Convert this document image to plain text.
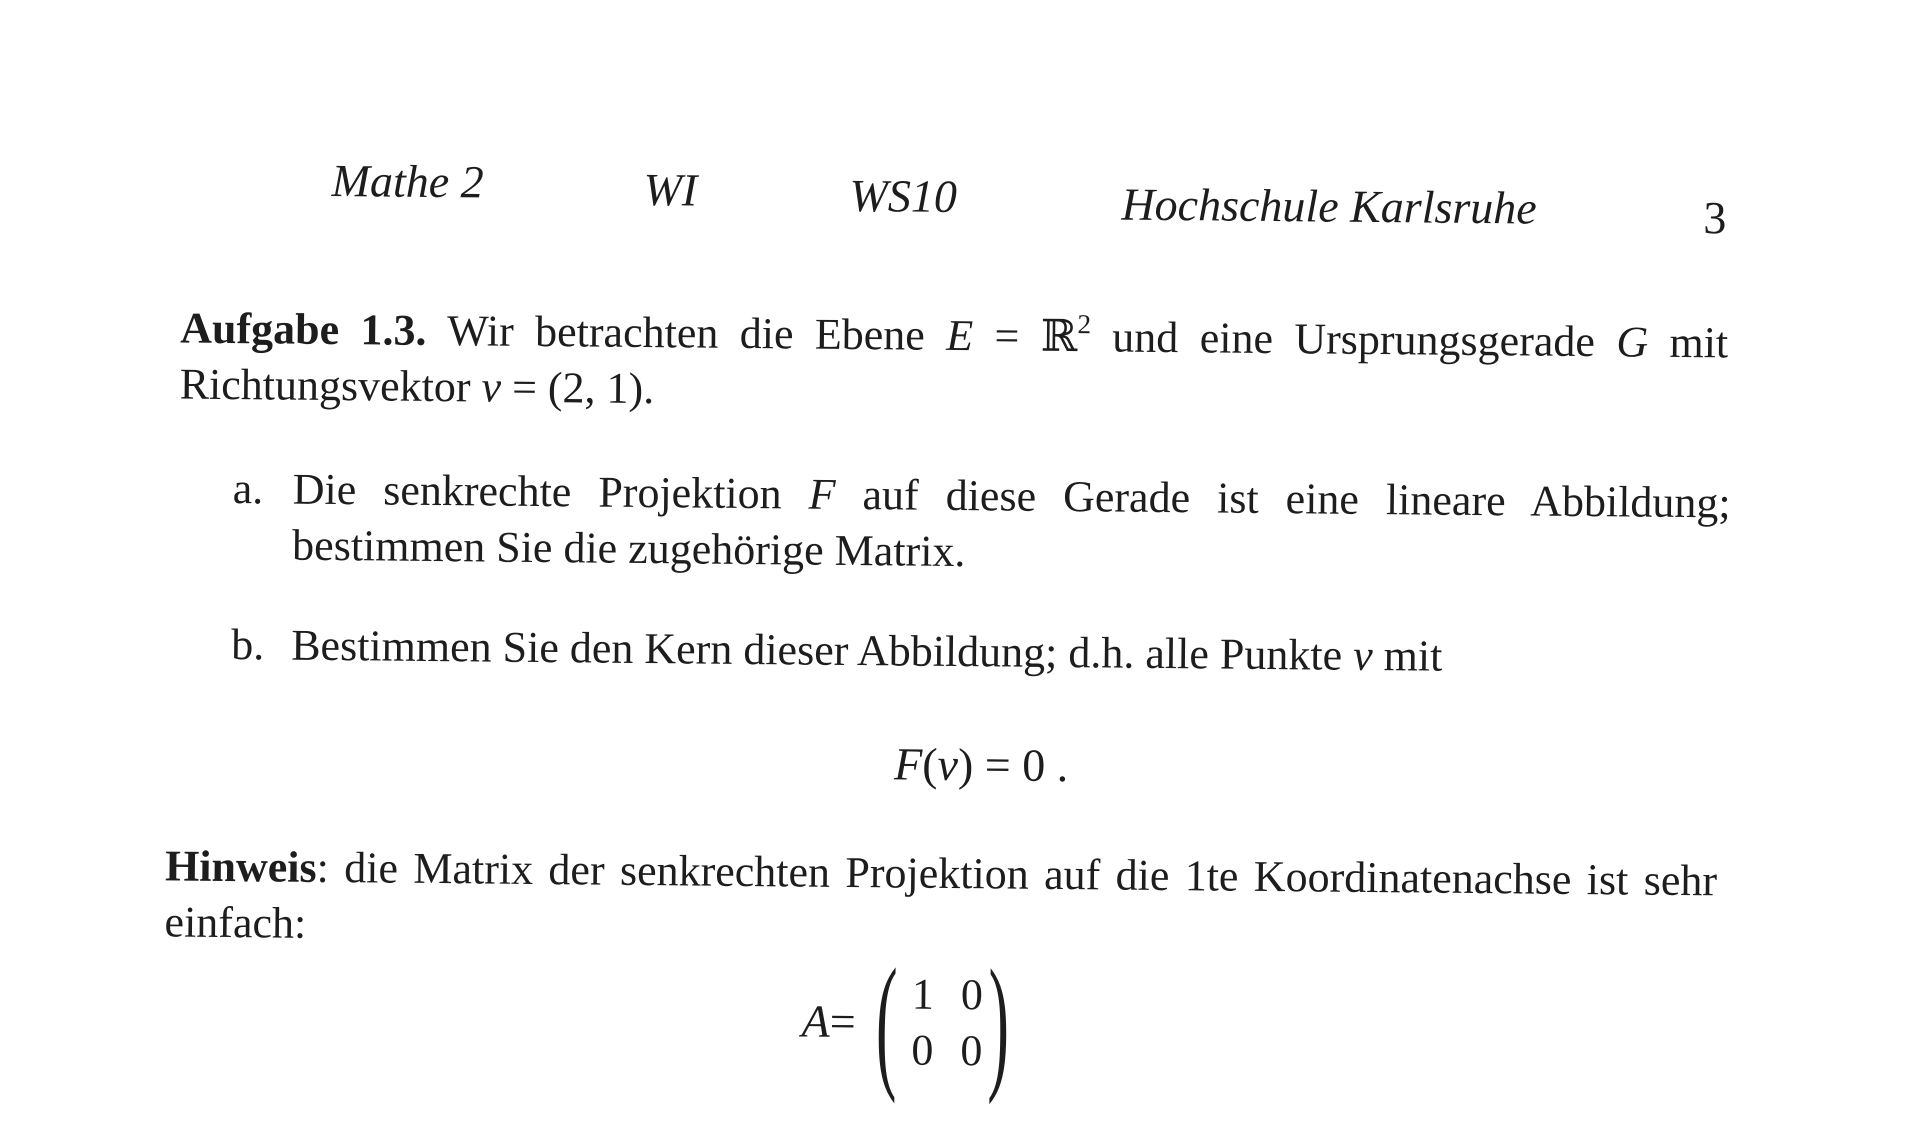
Mathe 2	WI	WS10	Hochschule Karlsruhe	3
Aufgabe 1.3. Wir betrachten die Ebene E = ℝ$^2$ und eine Ursprungsgerade G mit Richtungsvektor v = (2, 1).
a. Die senkrechte Projektion F auf diese Gerade ist eine lineare Abbildung; bestimmen Sie die zugehörige Matrix.
b. Bestimmen Sie den Kern dieser Abbildung; d.h. alle Punkte v mit
F(v) = 0 .
Hinweis: die Matrix der senkrechten Projektion auf die 1te Koordinatenachse ist sehr einfach:
A = ( 1 0
0 0 )
